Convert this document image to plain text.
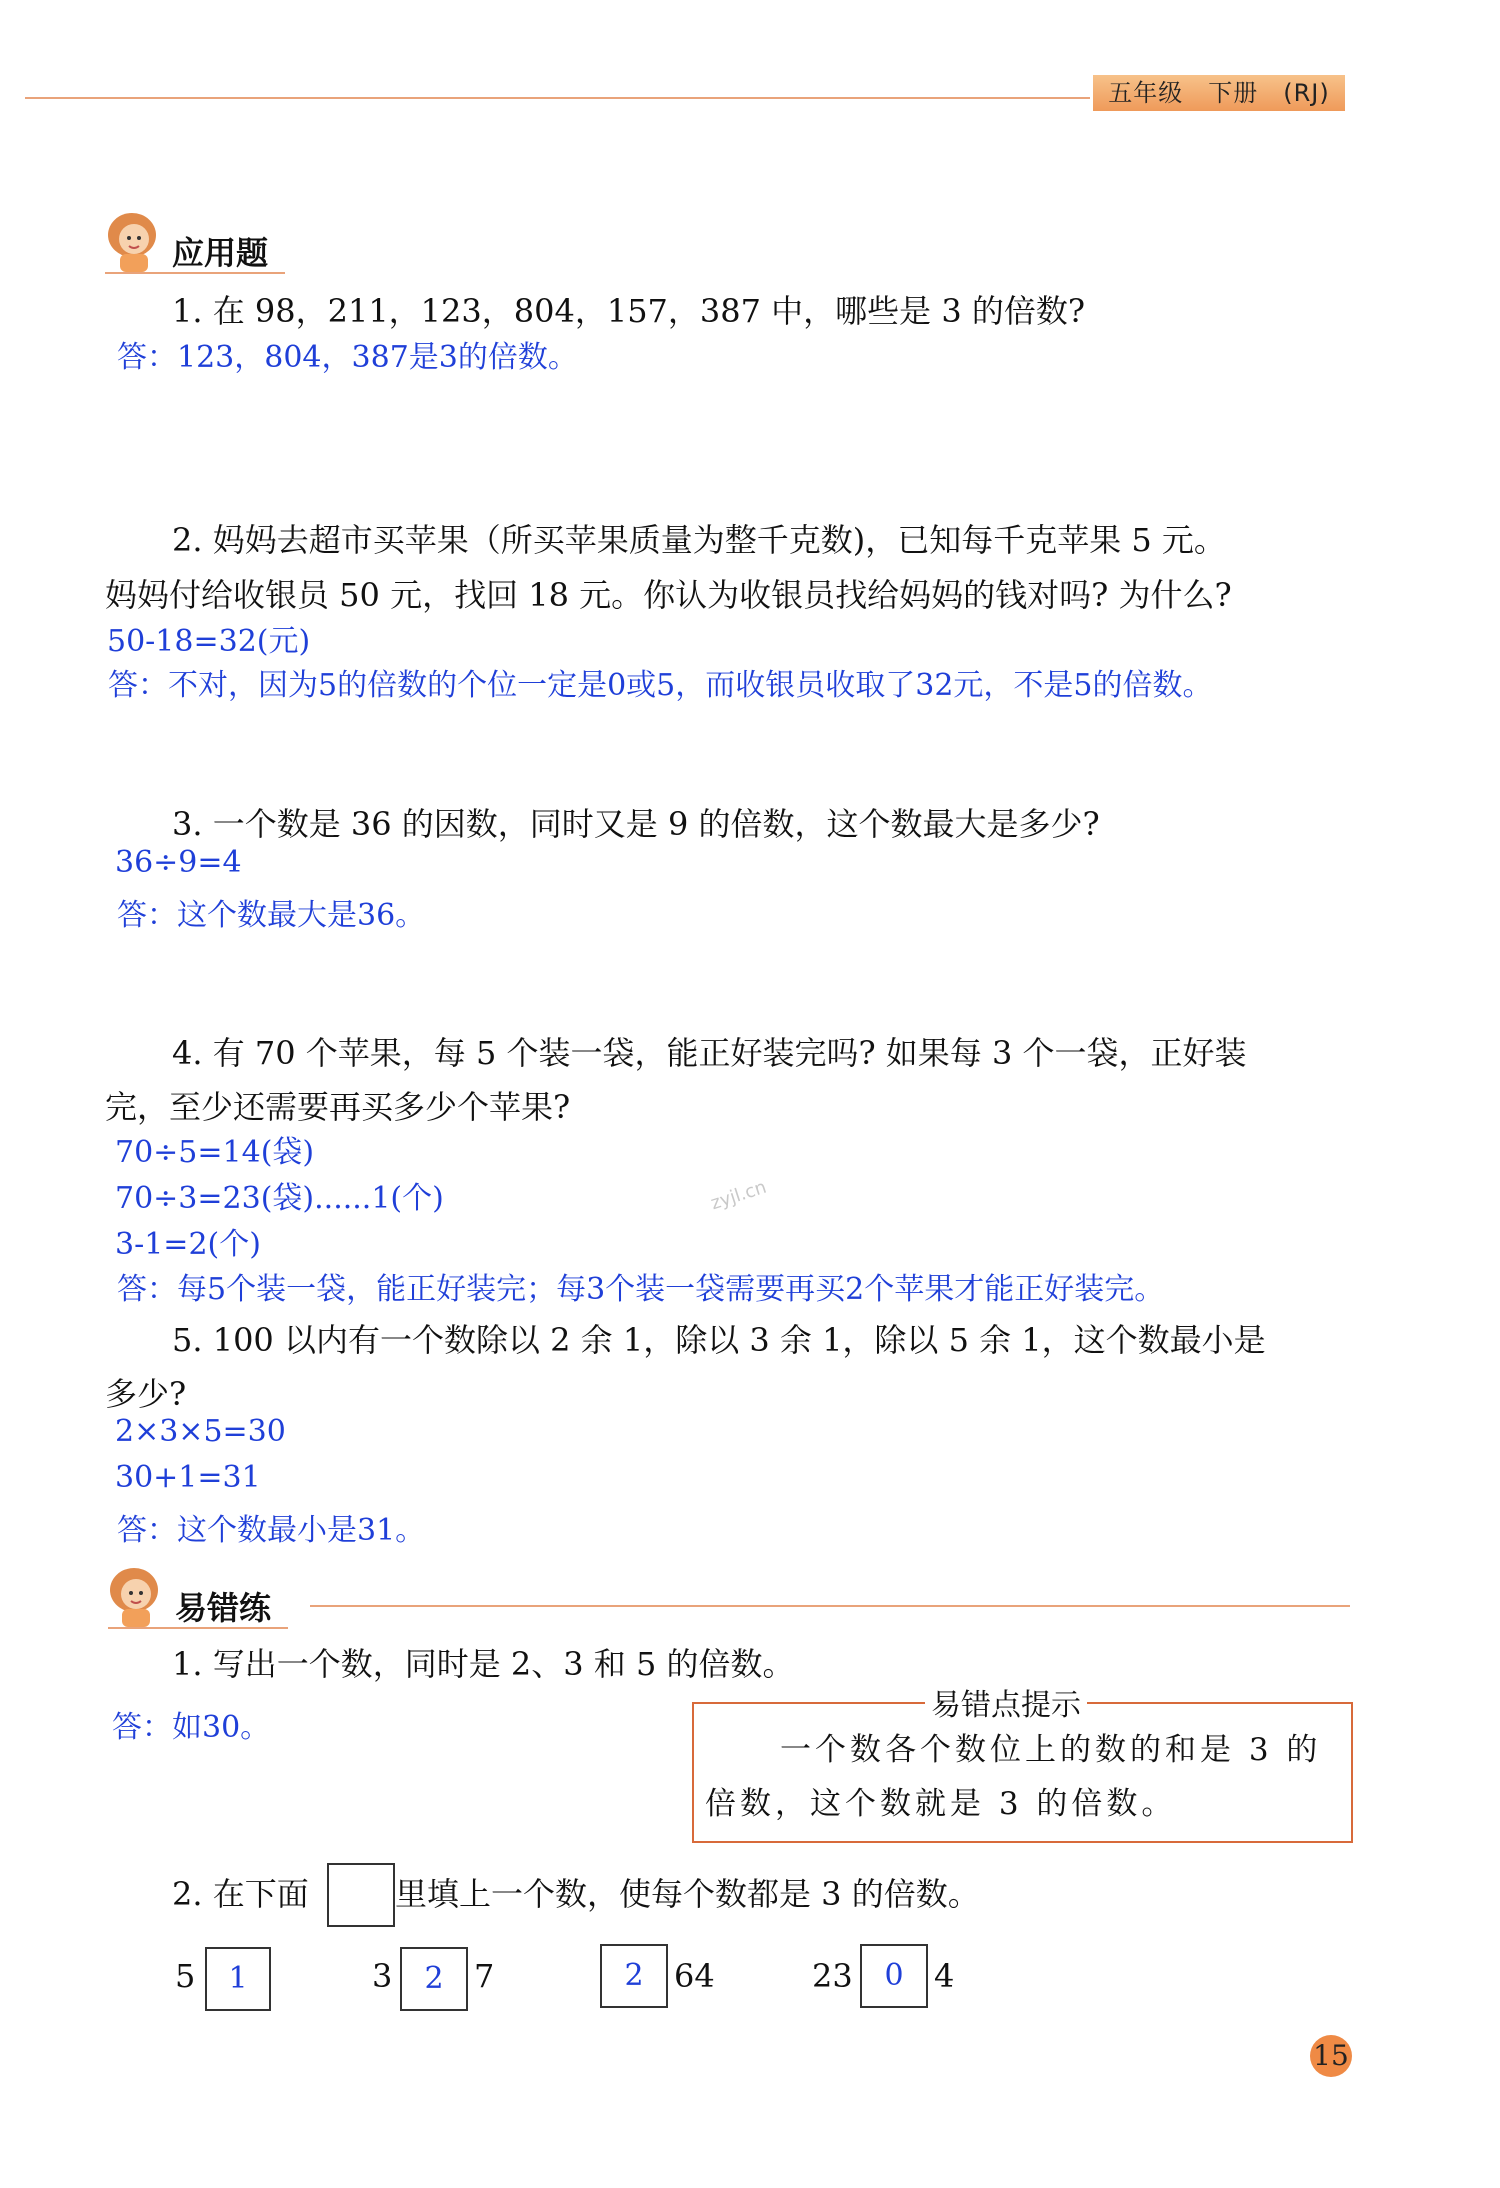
五年级　下册　(RJ)
应用题
1. 在 98，211，123，804，157，387 中，哪些是 3 的倍数?
答：123，804，387是3的倍数。
2. 妈妈去超市买苹果（所买苹果质量为整千克数)，已知每千克苹果 5 元。
妈妈付给收银员 50 元，找回 18 元。你认为收银员找给妈妈的钱对吗? 为什么?
50-18=32(元)
答：不对，因为5的倍数的个位一定是0或5，而收银员收取了32元，不是5的倍数。
3. 一个数是 36 的因数，同时又是 9 的倍数，这个数最大是多少?
36÷9=4
答：这个数最大是36。
4. 有 70 个苹果，每 5 个装一袋，能正好装完吗? 如果每 3 个一袋，正好装
完，至少还需要再买多少个苹果?
70÷5=14(袋)
70÷3=23(袋)......1(个)
3-1=2(个)
答：每5个装一袋，能正好装完；每3个装一袋需要再买2个苹果才能正好装完。
zyjl.cn
5. 100 以内有一个数除以 2 余 1，除以 3 余 1，除以 5 余 1，这个数最小是
多少?
2×3×5=30
30+1=31
答：这个数最小是31。
易错练
1. 写出一个数，同时是 2、3 和 5 的倍数。
答：如30。
易错点提示
一个数各个数位上的数的和是 3 的
倍数，这个数就是 3 的倍数。
2. 在下面	里填上一个数，使每个数都是 3 的倍数。
5	1	3	2 7	2 64	23	0 4
15
